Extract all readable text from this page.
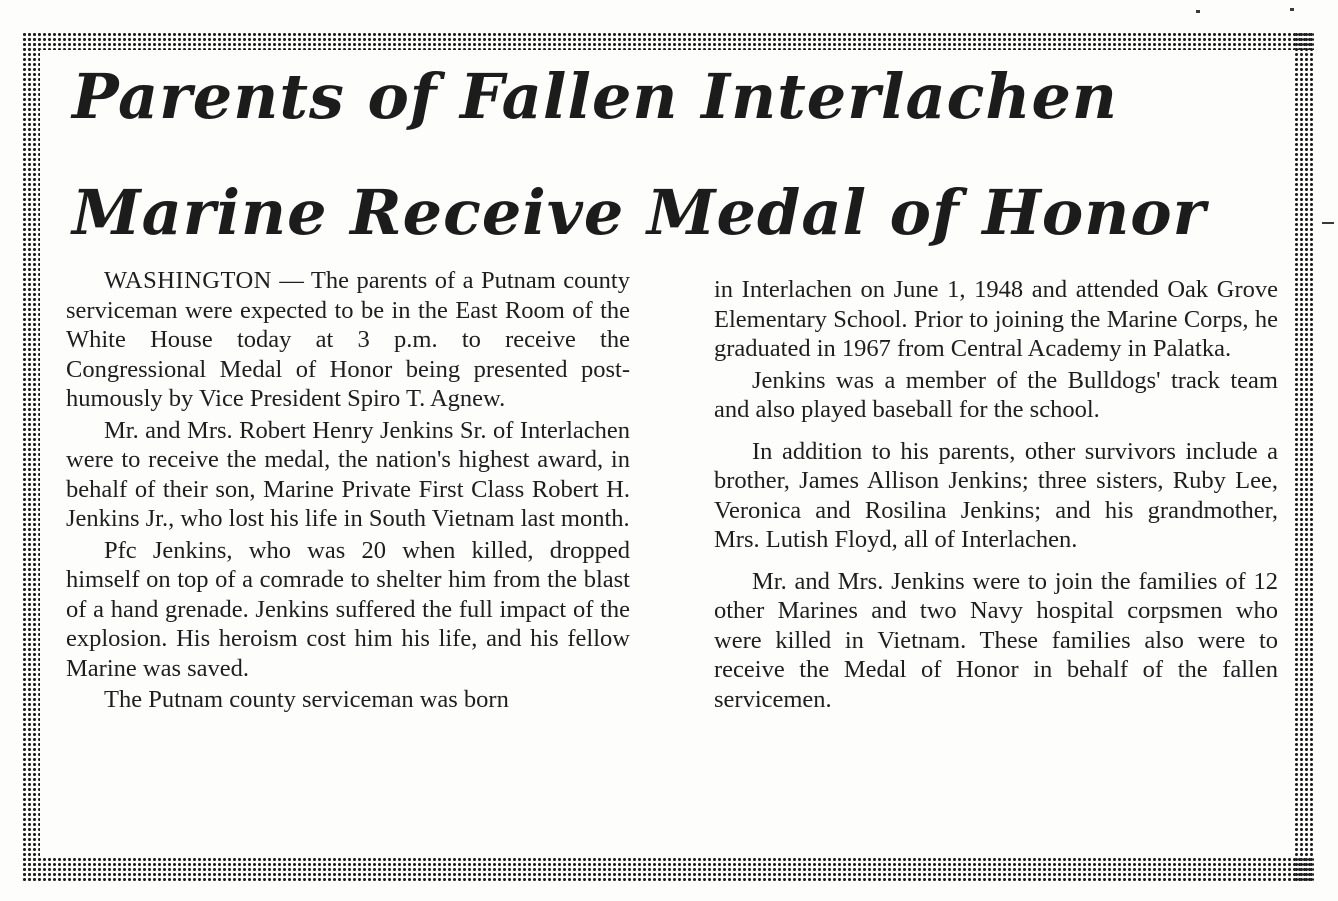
Parents of Fallen Interlachen
Marine Receive Medal of Honor

WASHINGTON — The parents of a Putnam county serviceman were expected to be in the East Room of the White House today at 3 p.m. to receive the Congressional Medal of Honor being presented post-humously by Vice President Spiro T. Agnew.

Mr. and Mrs. Robert Henry Jenkins Sr. of Interlachen were to receive the medal, the nation's highest award, in behalf of their son, Marine Private First Class Robert H. Jenkins Jr., who lost his life in South Vietnam last month.

Pfc Jenkins, who was 20 when killed, dropped himself on top of a comrade to shelter him from the blast of a hand grenade. Jenkins suffered the full impact of the explosion. His heroism cost him his life, and his fellow Marine was saved.

The Putnam county serviceman was born

in Interlachen on June 1, 1948 and attended Oak Grove Elementary School. Prior to joining the Marine Corps, he graduated in 1967 from Central Academy in Palatka.

Jenkins was a member of the Bulldogs' track team and also played baseball for the school.

In addition to his parents, other survivors include a brother, James Allison Jenkins; three sisters, Ruby Lee, Veronica and Rosilina Jenkins; and his grandmother, Mrs. Lutish Floyd, all of Interlachen.

Mr. and Mrs. Jenkins were to join the families of 12 other Marines and two Navy hospital corpsmen who were killed in Vietnam. These families also were to receive the Medal of Honor in behalf of the fallen servicemen.
